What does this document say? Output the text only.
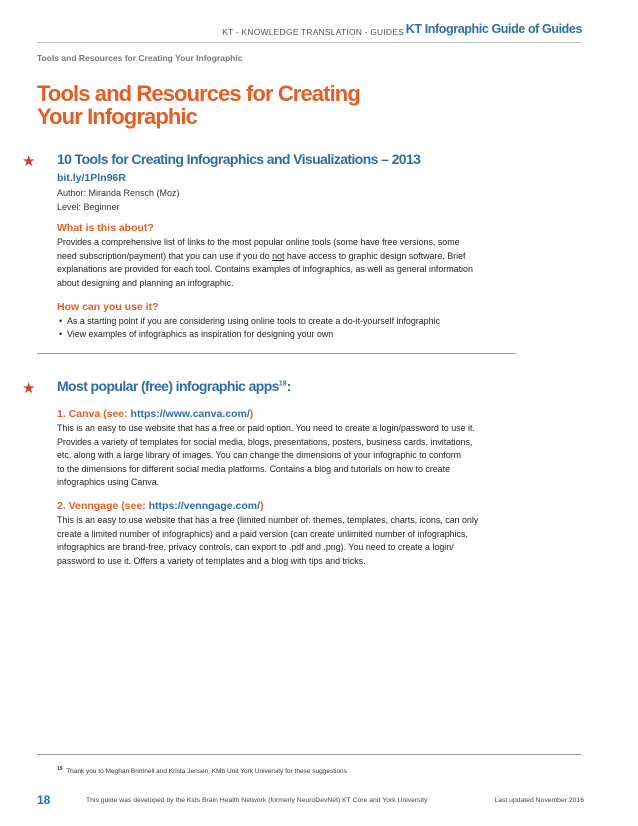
KT - KNOWLEDGE TRANSLATION - GUIDES KT Infographic Guide of Guides
Tools and Resources for Creating Your Infographic
Tools and Resources for Creating
Your Infographic
★ 10 Tools for Creating Infographics and Visualizations – 2013
bit.ly/1Pln96R
Author: Miranda Rensch (Moz)
Level: Beginner
What is this about?
Provides a comprehensive list of links to the most popular online tools (some have free versions, some
need subscription/payment) that you can use if you do not have access to graphic design software. Brief
explanations are provided for each tool. Contains examples of infographics, as well as general information
about designing and planning an infographic.
How can you use it?
• As a starting point if you are considering using online tools to create a do-it-yourself infographic
• View examples of infographics as inspiration for designing your own
★ Most popular (free) infographic apps$^{19}$:
1. Canva (see: https://www.canva.com/)
This is an easy to use website that has a free or paid option. You need to create a login/password to use it.
Provides a variety of templates for social media, blogs, presentations, posters, business cards, invitations,
etc. along with a large library of images. You can change the dimensions of your infographic to conform
to the dimensions for different social media platforms. Contains a blog and tutorials on how to create
infographics using Canva.
2. Venngage (see: https://venngage.com/)
This is an easy to use website that has a free (limited number of: themes, templates, charts, icons, can only
create a limited number of infographics) and a paid version (can create unlimited number of infographics,
infographics are brand-free, privacy controls, can export to .pdf and .png). You need to create a login/
password to use it. Offers a variety of templates and a blog with tips and tricks.
$^{19}$ Thank you to Meghan Brintnell and Krista Jensen, KMb Unit York University for these suggestions
18	This guide was developed by the Kids Brain Health Network (formerly NeuroDevNet) KT Core and York University	Last updated November 2016
